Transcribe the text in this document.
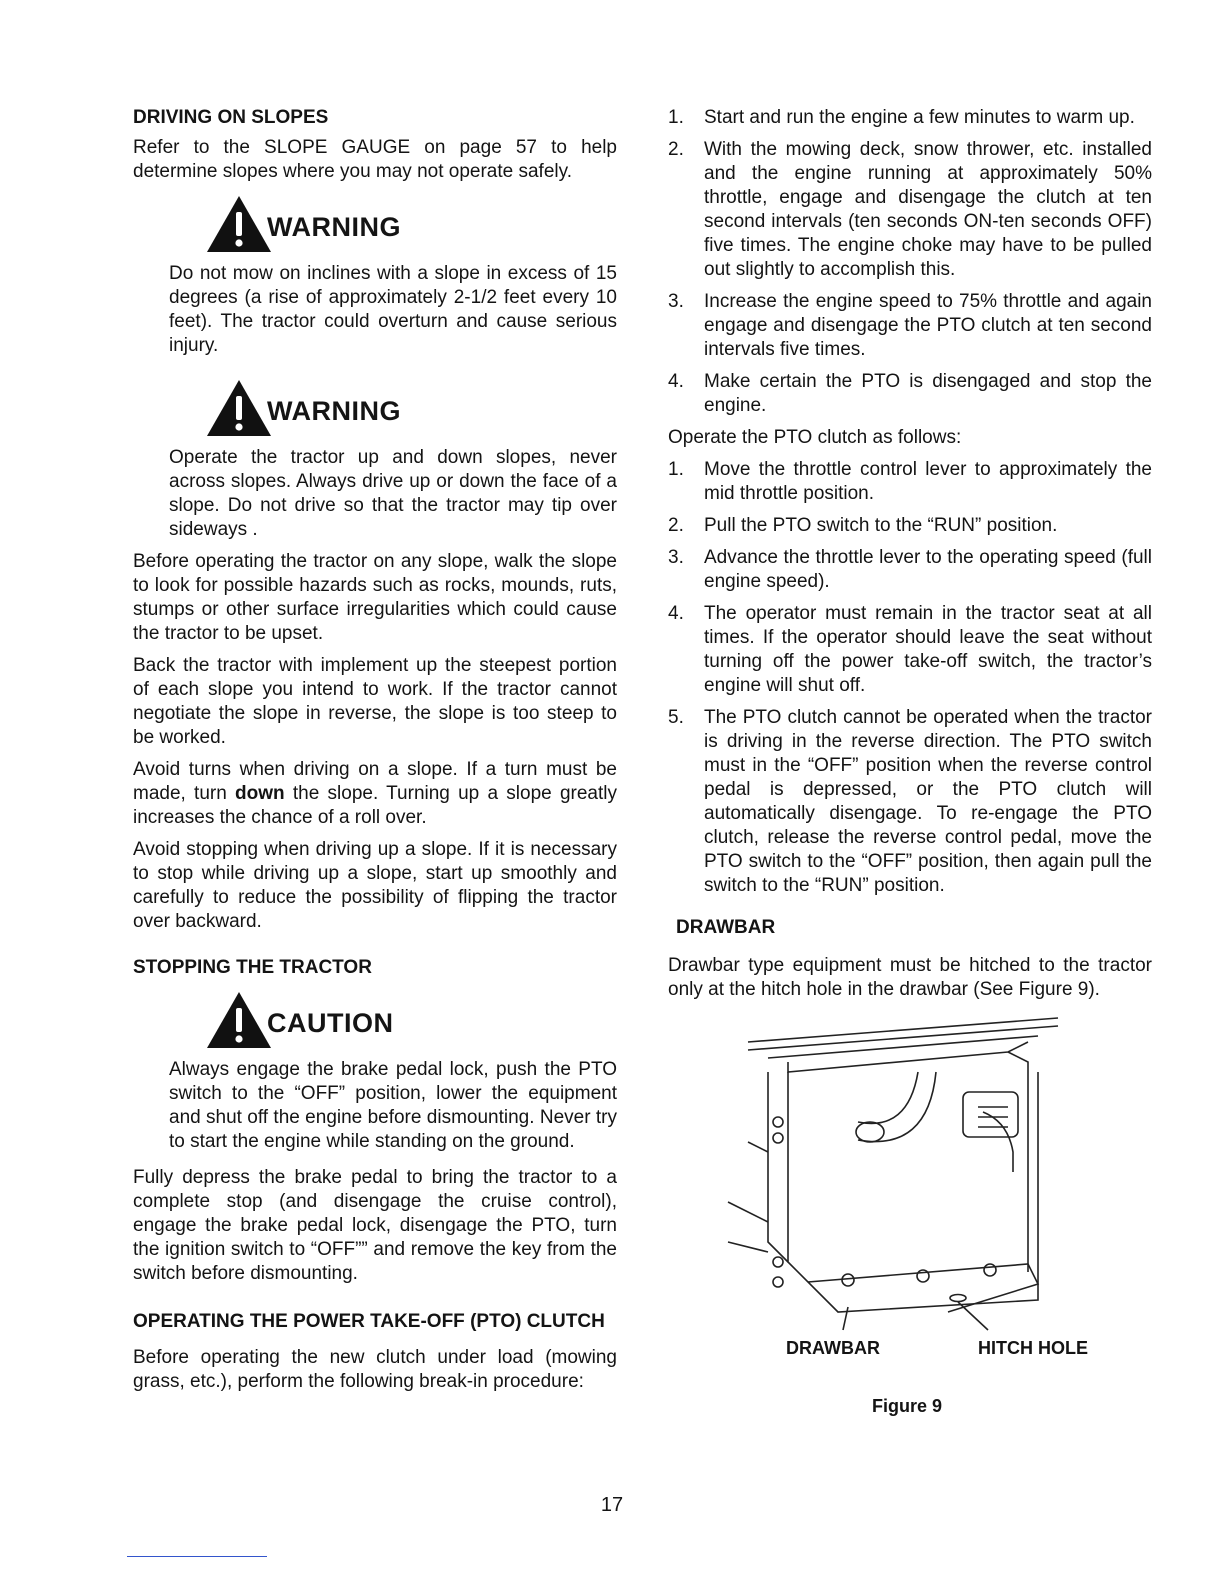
DRIVING ON SLOPES

Refer to the SLOPE GAUGE on page 57 to help determine slopes where you may not operate safely.

WARNING

Do not mow on inclines with a slope in excess of 15 degrees (a rise of approximately 2-1/2 feet every 10 feet). The tractor could overturn and cause serious injury.

WARNING

Operate the tractor up and down slopes, never across slopes. Always drive up or down the face of a slope. Do not drive so that the tractor may tip over sideways .

Before operating the tractor on any slope, walk the slope to look for possible hazards such as rocks, mounds, ruts, stumps or other surface irregularities which could cause the tractor to be upset.

Back the tractor with implement up the steepest portion of each slope you intend to work. If the tractor cannot negotiate the slope in reverse, the slope is too steep to be worked.

Avoid turns when driving on a slope. If a turn must be made, turn down the slope. Turning up a slope greatly increases the chance of a roll over.

Avoid stopping when driving up a slope. If it is necessary to stop while driving up a slope, start up smoothly and carefully to reduce the possibility of flipping the tractor over backward.

STOPPING THE TRACTOR
CAUTION

Always engage the brake pedal lock, push the PTO switch to the “OFF” position, lower the equipment and shut off the engine before dismounting. Never try to start the engine while standing on the ground.

Fully depress the brake pedal to bring the tractor to a complete stop (and disengage the cruise control), engage the brake pedal lock, disengage the PTO, turn the ignition switch to “OFF”” and remove the key from the switch before dismounting.

OPERATING THE POWER TAKE-OFF (PTO) CLUTCH

Before operating the new clutch under load (mowing grass, etc.), perform the following break-in procedure:

1. Start and run the engine a few minutes to warm up.
2. With the mowing deck, snow thrower, etc. installed and the engine running at approximately 50% throttle, engage and disengage the clutch at ten second intervals (ten seconds ON-ten seconds OFF) five times. The engine choke may have to be pulled out slightly to accomplish this.
3. Increase the engine speed to 75% throttle and again engage and disengage the PTO clutch at ten second intervals five times.
4. Make certain the PTO is disengaged and stop the engine.

Operate the PTO clutch as follows:

1. Move the throttle control lever to approximately the mid throttle position.
2. Pull the PTO switch to the “RUN” position.
3. Advance the throttle lever to the operating speed (full engine speed).
4. The operator must remain in the tractor seat at all times. If the operator should leave the seat without turning off the power take-off switch, the tractor’s engine will shut off.
5. The PTO clutch cannot be operated when the tractor is driving in the reverse direction. The PTO switch must in the “OFF” position when the reverse control pedal is depressed, or the PTO clutch will automatically disengage. To re-engage the PTO clutch, release the reverse control pedal, move the PTO switch to the “OFF” position, then again pull the switch to the “RUN” position.
DRAWBAR

Drawbar type equipment must be hitched to the tractor only at the hitch hole in the drawbar (See Figure 9).

DRAWBAR	HITCH HOLE
Figure 9
17
